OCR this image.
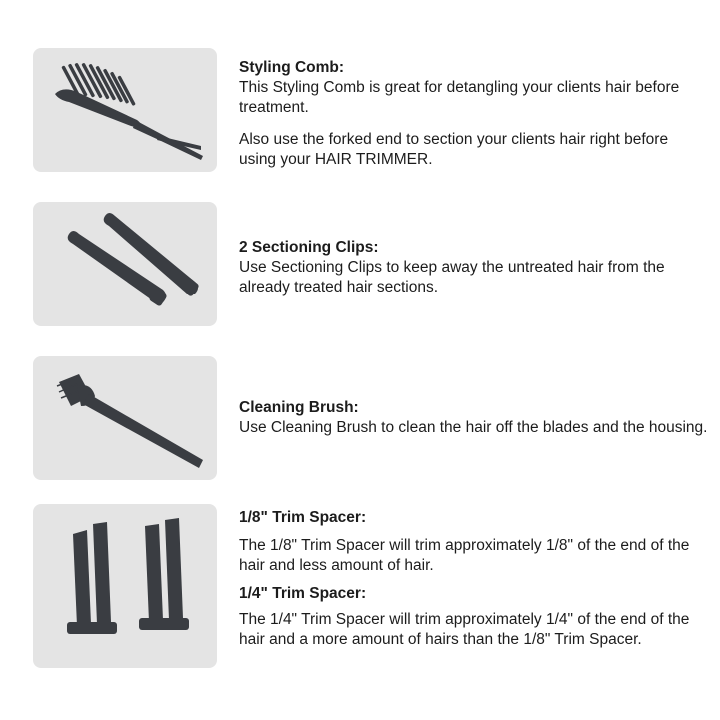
Styling Comb:

This Styling Comb is great for detangling your clients hair before treatment.

Also use the forked end to section your clients hair right before using your HAIR TRIMMER.

2 Sectioning Clips:

Use Sectioning Clips to keep away the untreated hair from the already treated hair sections.

Cleaning Brush:

Use Cleaning Brush to clean the hair off the blades and the housing.

1/8" Trim Spacer:

The 1/8" Trim Spacer will trim approximately 1/8" of the end of the hair and less amount of hair.

1/4" Trim Spacer:

The 1/4" Trim Spacer will trim approximately 1/4" of the end of the hair and a more amount of hairs than the 1/8" Trim Spacer.
